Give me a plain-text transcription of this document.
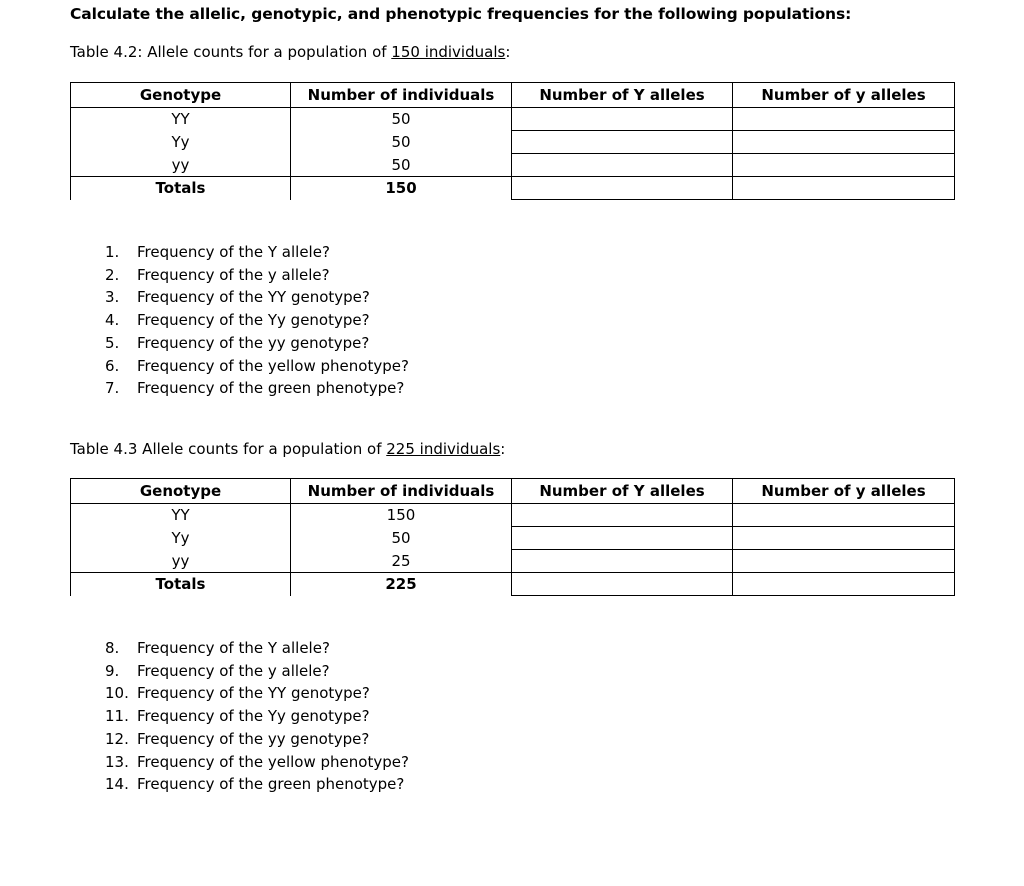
Calculate the allelic, genotypic, and phenotypic frequencies for the following populations:
Table 4.2: Allele counts for a population of 150 individuals:
Genotype	Number of individuals	Number of Y alleles	Number of y alleles
YY	50		
Yy	50		
yy	50		
Totals	150		
1. Frequency of the Y allele?
2. Frequency of the y allele?
3. Frequency of the YY genotype?
4. Frequency of the Yy genotype?
5. Frequency of the yy genotype?
6. Frequency of the yellow phenotype?
7. Frequency of the green phenotype?
Table 4.3 Allele counts for a population of 225 individuals:
Genotype	Number of individuals	Number of Y alleles	Number of y alleles
YY	150		
Yy	50		
yy	25		
Totals	225		
8. Frequency of the Y allele?
9. Frequency of the y allele?
10. Frequency of the YY genotype?
11. Frequency of the Yy genotype?
12. Frequency of the yy genotype?
13. Frequency of the yellow phenotype?
14. Frequency of the green phenotype?
